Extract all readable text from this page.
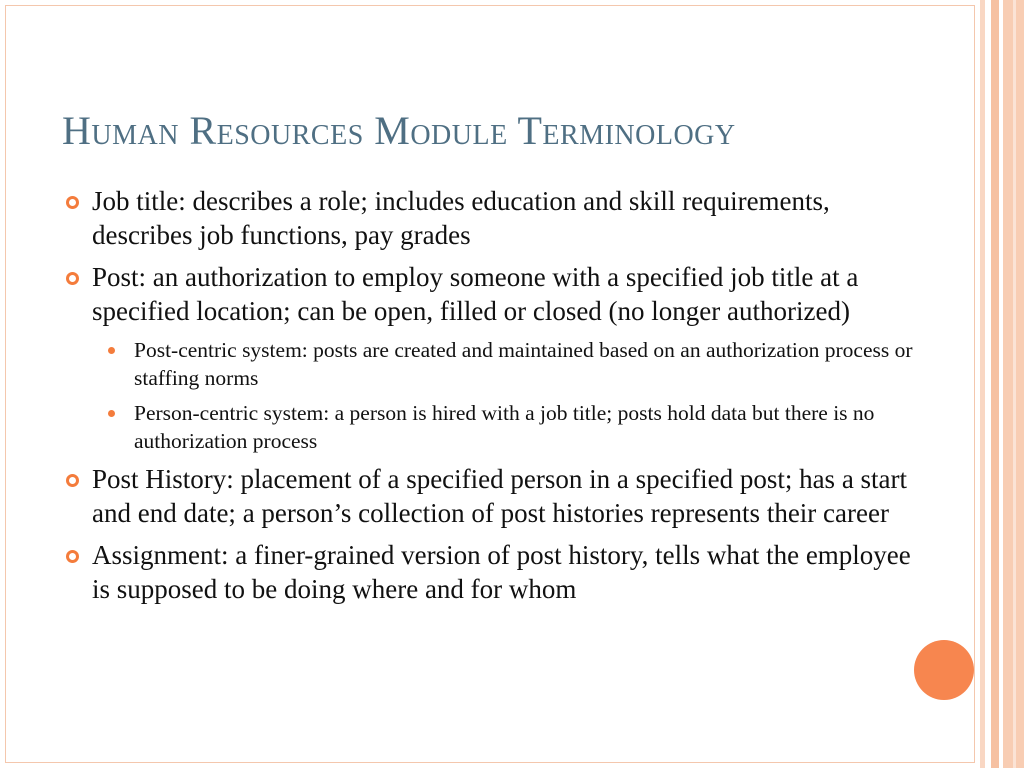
Human Resources Module Terminology
Job title: describes a role; includes education and skill requirements, describes job functions, pay grades
Post: an authorization to employ someone with a specified job title at a specified location; can be open, filled or closed (no longer authorized)
Post-centric system: posts are created and maintained based on an authorization process or staffing norms
Person-centric system: a person is hired with a job title; posts hold data but there is no authorization process
Post History: placement of a specified person in a specified post; has a start and end date; a person’s collection of post histories represents their career
Assignment: a finer-grained version of post history, tells what the employee is supposed to be doing where and for whom
